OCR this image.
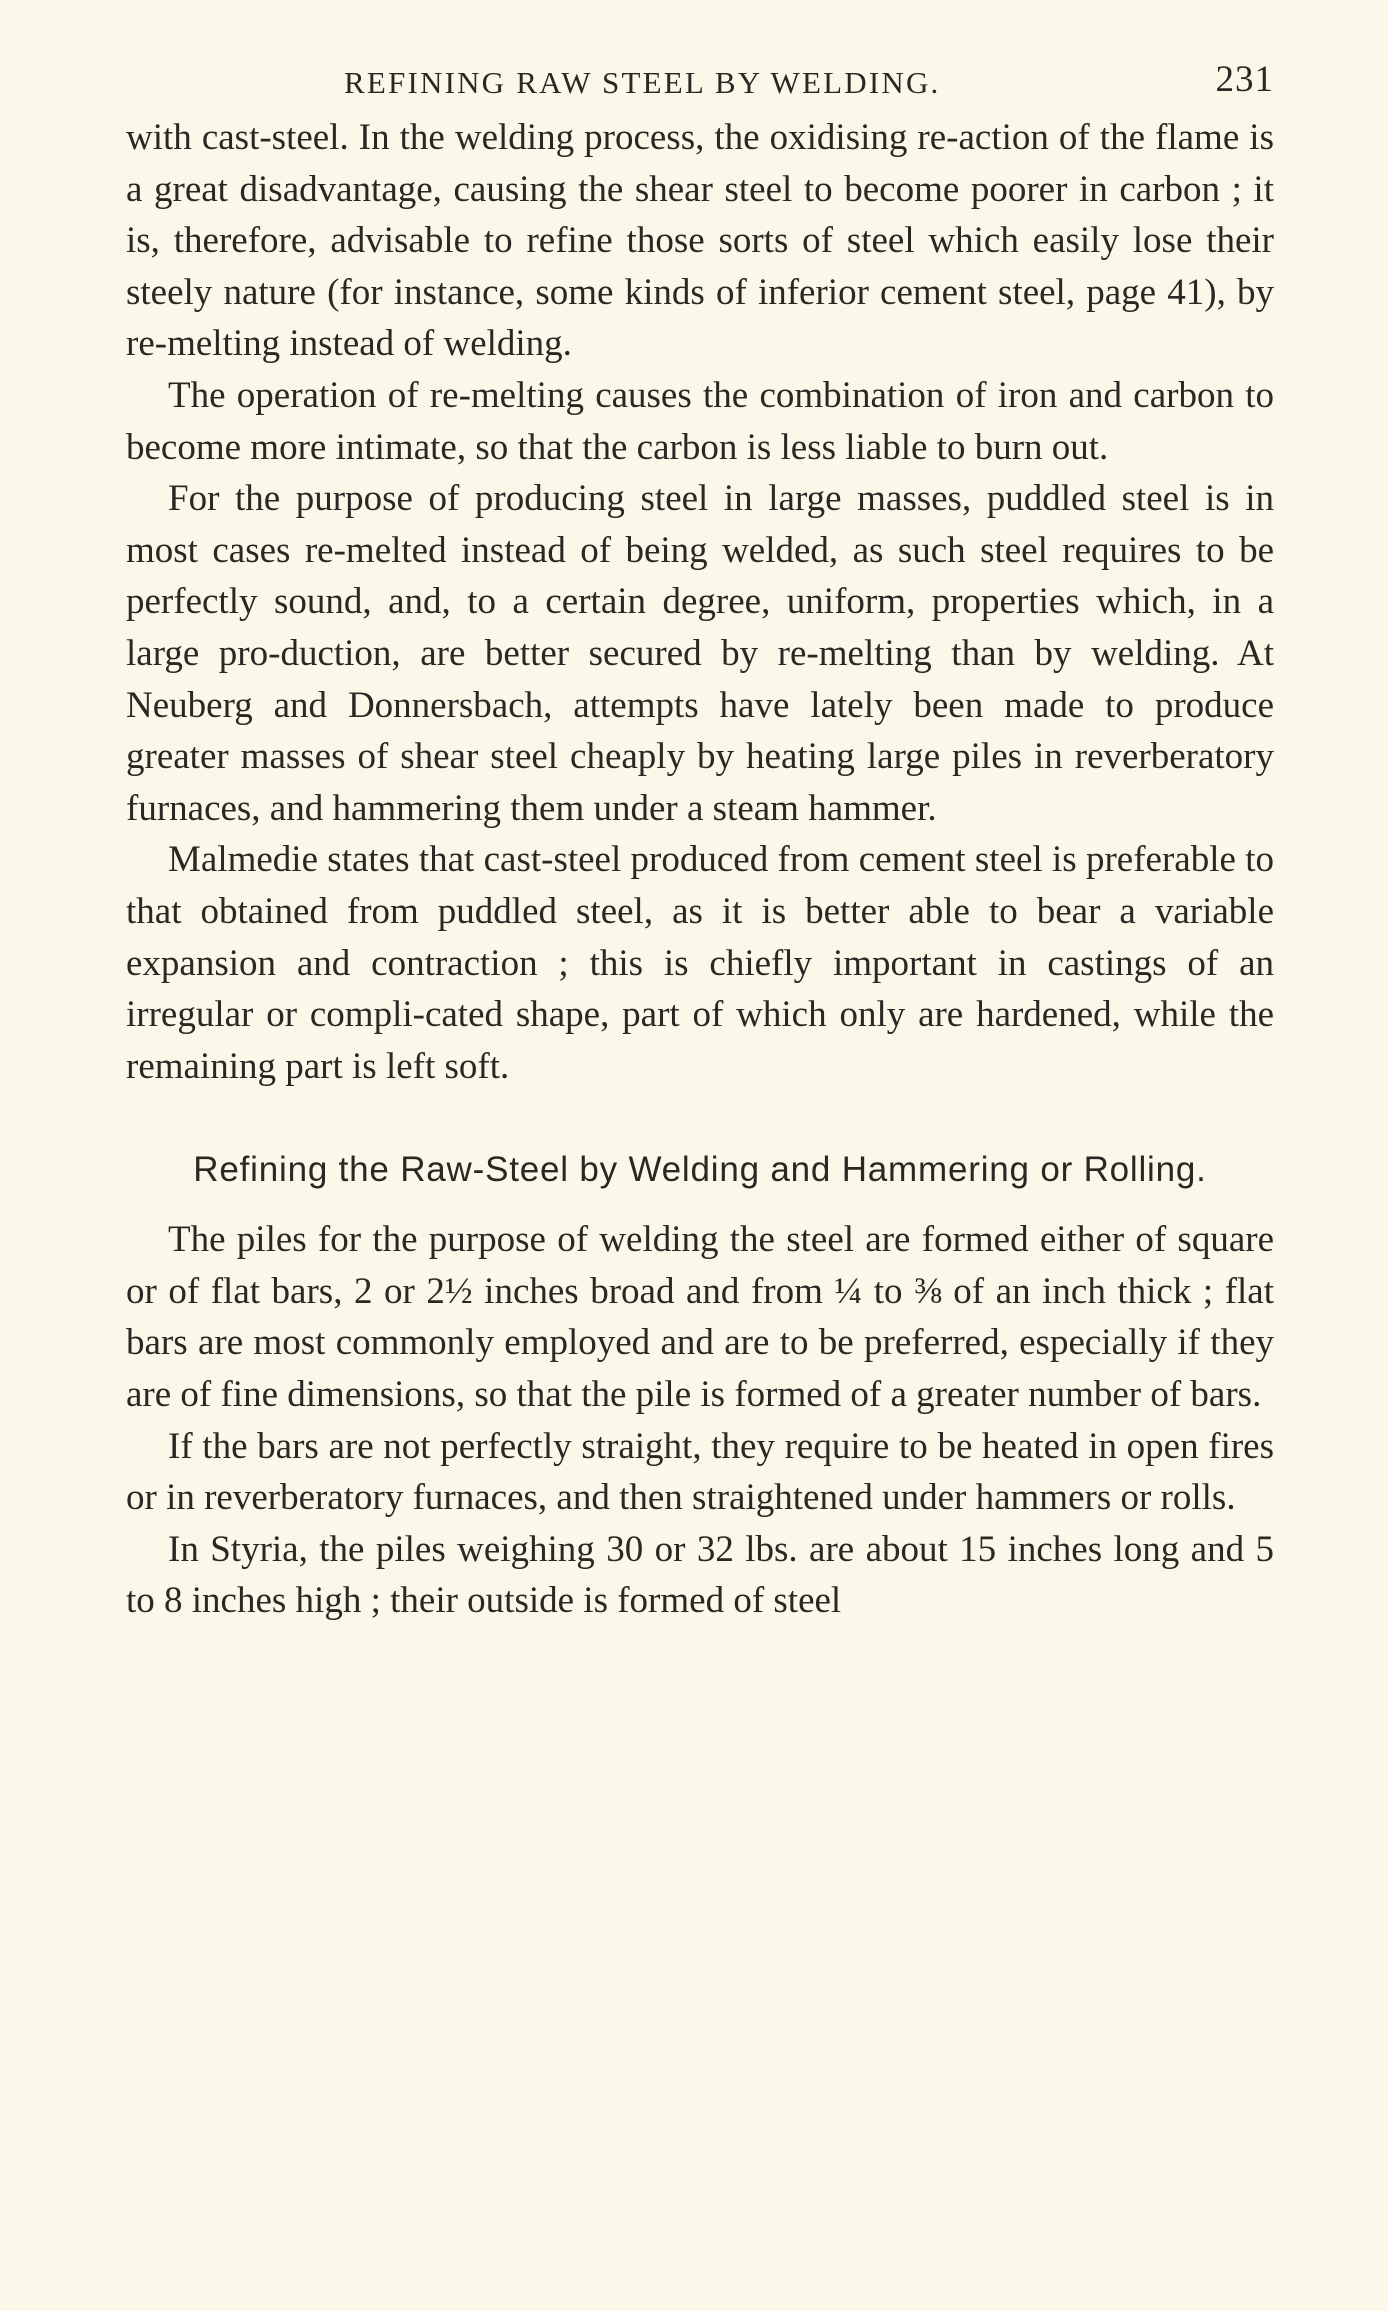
REFINING RAW STEEL BY WELDING.	231

with cast-steel. In the welding process, the oxidising re-action of the flame is a great disadvantage, causing the shear steel to become poorer in carbon ; it is, therefore, advisable to refine those sorts of steel which easily lose their steely nature (for instance, some kinds of inferior cement steel, page 41), by re-melting instead of welding.

The operation of re-melting causes the combination of iron and carbon to become more intimate, so that the carbon is less liable to burn out.

For the purpose of producing steel in large masses, puddled steel is in most cases re-melted instead of being welded, as such steel requires to be perfectly sound, and, to a certain degree, uniform, properties which, in a large pro-duction, are better secured by re-melting than by welding. At Neuberg and Donnersbach, attempts have lately been made to produce greater masses of shear steel cheaply by heating large piles in reverberatory furnaces, and hammering them under a steam hammer.

Malmedie states that cast-steel produced from cement steel is preferable to that obtained from puddled steel, as it is better able to bear a variable expansion and contraction ; this is chiefly important in castings of an irregular or compli-cated shape, part of which only are hardened, while the remaining part is left soft.

Refining the Raw-Steel by Welding and Hammering or Rolling.

The piles for the purpose of welding the steel are formed either of square or of flat bars, 2 or 2½ inches broad and from ¼ to ⅜ of an inch thick ; flat bars are most commonly employed and are to be preferred, especially if they are of fine dimensions, so that the pile is formed of a greater number of bars.

If the bars are not perfectly straight, they require to be heated in open fires or in reverberatory furnaces, and then straightened under hammers or rolls.

In Styria, the piles weighing 30 or 32 lbs. are about 15 inches long and 5 to 8 inches high ; their outside is formed of steel
